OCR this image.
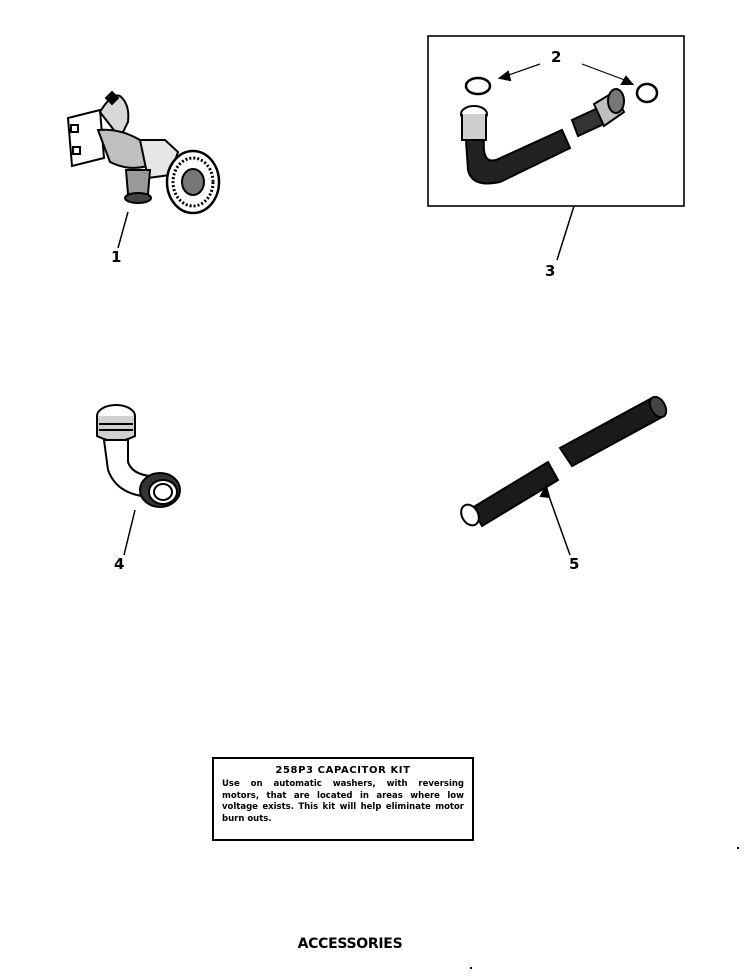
1
2
3
4	5
258P3 CAPACITOR KIT
Use on automatic washers, with reversing motors, that are located in areas where low voltage exists. This kit will help eliminate motor burn outs.
ACCESSORIES
